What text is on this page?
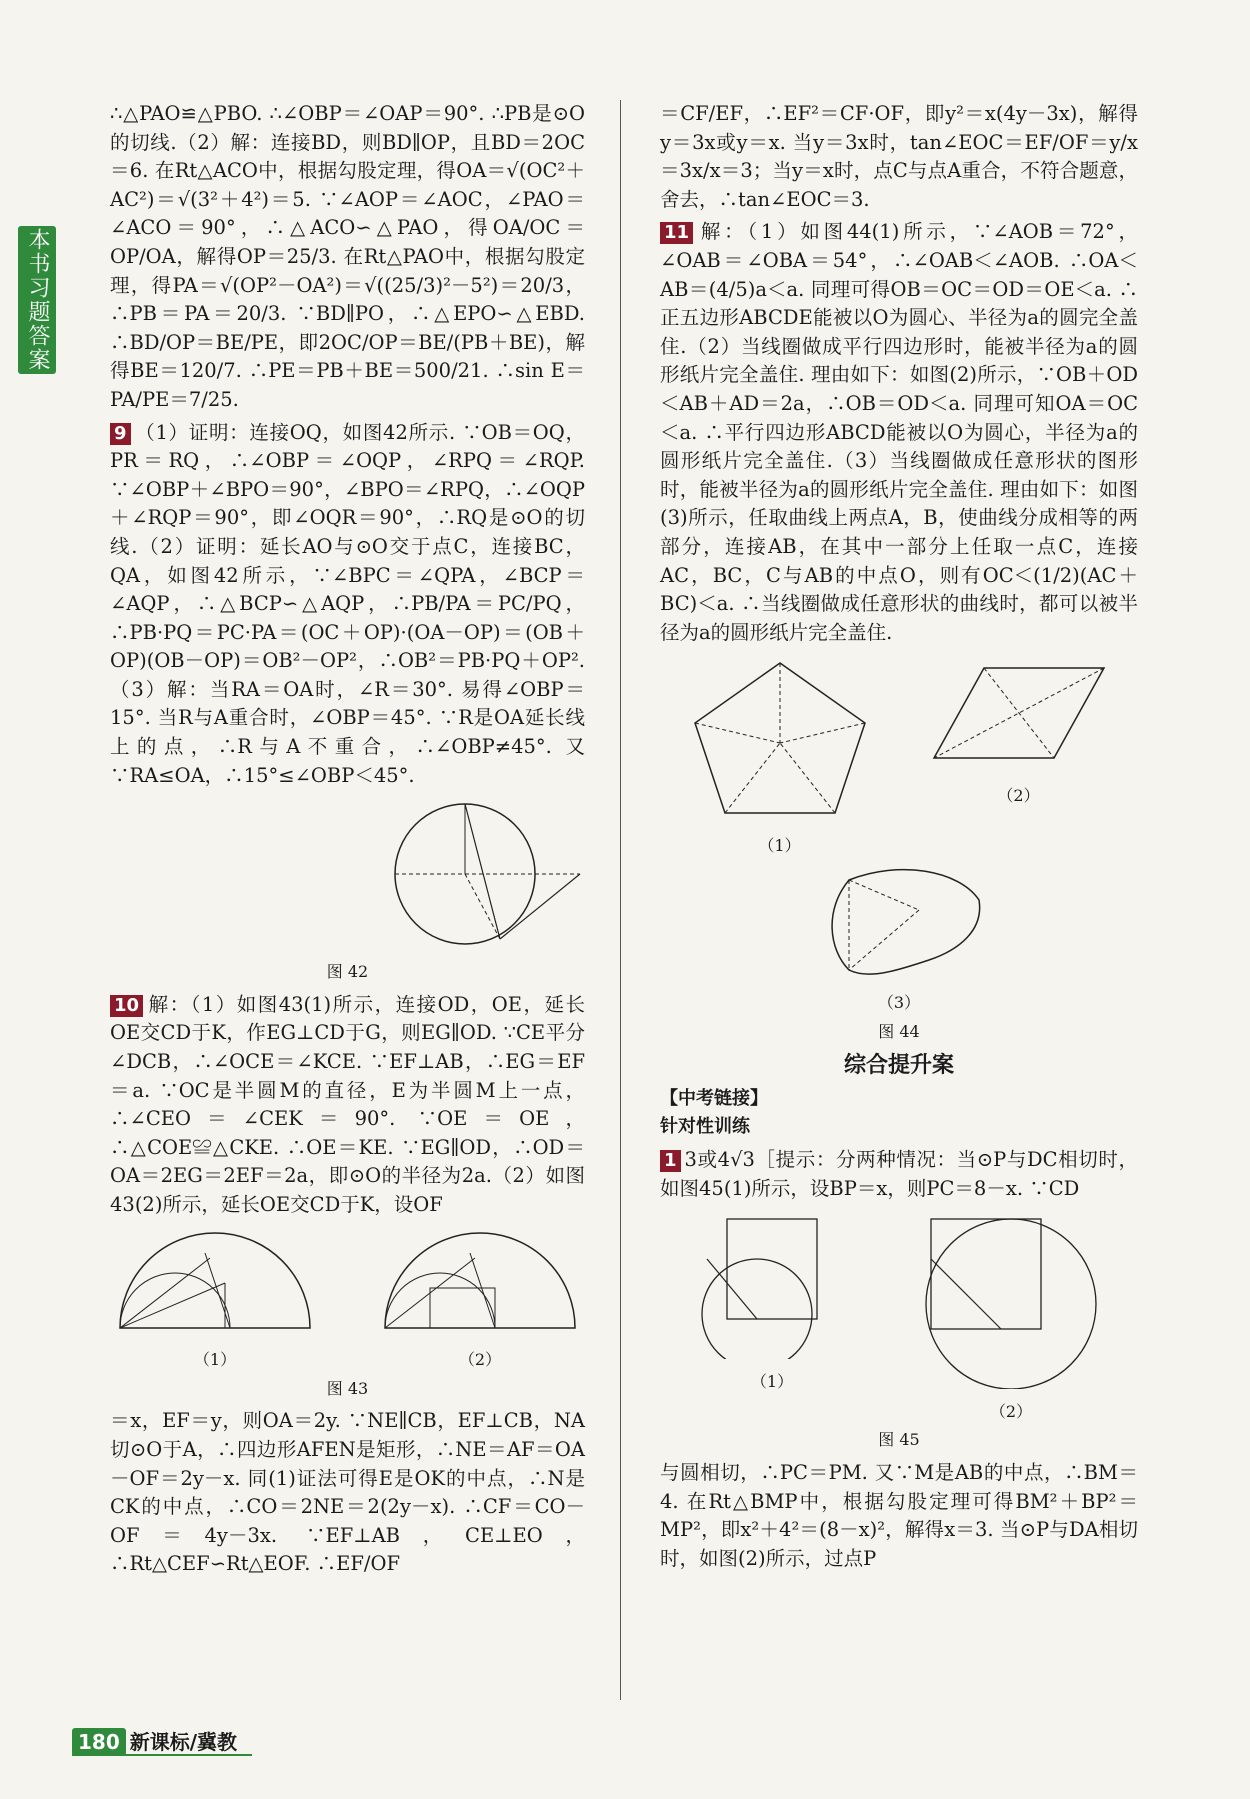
本书习题答案

∴△PAO≌△PBO. ∴∠OBP＝∠OAP＝90°. ∴PB是⊙O的切线.（2）解：连接BD，则BD∥OP，且BD＝2OC＝6. 在Rt△ACO中，根据勾股定理，得OA＝√(OC²＋AC²)＝√(3²＋4²)＝5. ∵∠AOP＝∠AOC，∠PAO＝∠ACO＝90°，∴△ACO∽△PAO，得OA/OC＝OP/OA，解得OP＝25/3. 在Rt△PAO中，根据勾股定理，得PA＝√(OP²－OA²)＝√((25/3)²－5²)＝20/3，∴PB＝PA＝20/3. ∵BD∥PO，∴△EPO∽△EBD. ∴BD/OP＝BE/PE，即2OC/OP＝BE/(PB＋BE)，解得BE＝120/7. ∴PE＝PB＋BE＝500/21. ∴sin E＝PA/PE＝7/25.

9 （1）证明：连接OQ，如图42所示. ∵OB＝OQ，PR＝RQ，∴∠OBP＝∠OQP，∠RPQ＝∠RQP. ∵∠OBP＋∠BPO＝90°，∠BPO＝∠RPQ，∴∠OQP＋∠RQP＝90°，即∠OQR＝90°，∴RQ是⊙O的切线.（2）证明：延长AO与⊙O交于点C，连接BC，QA，如图42所示，∵∠BPC＝∠QPA，∠BCP＝∠AQP，∴△BCP∽△AQP，∴PB/PA＝PC/PQ，∴PB·PQ＝PC·PA＝(OC＋OP)·(OA－OP)＝(OB＋OP)(OB－OP)＝OB²－OP²，∴OB²＝PB·PQ＋OP².（3）解：当RA＝OA时，∠R＝30°. 易得∠OBP＝15°. 当R与A重合时，∠OBP＝45°. ∵R是OA延长线上的点，∴R与A不重合，∴∠OBP≠45°. 又∵RA≤OA，∴15°≤∠OBP＜45°.

图 42

10 解：（1）如图43(1)所示，连接OD，OE，延长OE交CD于K，作EG⊥CD于G，则EG∥OD. ∵CE平分∠DCB，∴∠OCE＝∠KCE. ∵EF⊥AB，∴EG＝EF＝a. ∵OC是半圆M的直径，E为半圆M上一点，∴∠CEO＝∠CEK＝90°. ∵OE＝OE，∴△COE≌△CKE. ∴OE＝KE. ∵EG∥OD，∴OD＝OA＝2EG＝2EF＝2a，即⊙O的半径为2a.（2）如图43(2)所示，延长OE交CD于K，设OF

（1）	（2）
图 43

＝x，EF＝y，则OA＝2y. ∵NE∥CB，EF⊥CB，NA切⊙O于A，∴四边形AFEN是矩形，∴NE＝AF＝OA－OF＝2y－x. 同(1)证法可得E是OK的中点，∴N是CK的中点，∴CO＝2NE＝2(2y－x). ∴CF＝CO－OF＝4y－3x. ∵EF⊥AB，CE⊥EO，∴Rt△CEF∽Rt△EOF. ∴EF/OF

＝CF/EF，∴EF²＝CF·OF，即y²＝x(4y－3x)，解得y＝3x或y＝x. 当y＝3x时，tan∠EOC＝EF/OF＝y/x＝3x/x＝3；当y＝x时，点C与点A重合，不符合题意，舍去，∴tan∠EOC＝3.

11 解：（1）如图44(1)所示，∵∠AOB＝72°，∠OAB＝∠OBA＝54°，∴∠OAB＜∠AOB. ∴OA＜AB＝(4/5)a＜a. 同理可得OB＝OC＝OD＝OE＜a. ∴正五边形ABCDE能被以O为圆心、半径为a的圆完全盖住.（2）当线圈做成平行四边形时，能被半径为a的圆形纸片完全盖住. 理由如下：如图(2)所示，∵OB＋OD＜AB＋AD＝2a，∴OB＝OD＜a. 同理可知OA＝OC＜a. ∴平行四边形ABCD能被以O为圆心，半径为a的圆形纸片完全盖住.（3）当线圈做成任意形状的图形时，能被半径为a的圆形纸片完全盖住. 理由如下：如图(3)所示，任取曲线上两点A，B，使曲线分成相等的两部分，连接AB，在其中一部分上任取一点C，连接AC，BC，C与AB的中点O，则有OC＜(1/2)(AC＋BC)＜a. ∴当线圈做成任意形状的曲线时，都可以被半径为a的圆形纸片完全盖住.

（1）
（2）
（3）
图 44
综合提升案
【中考链接】
针对性训练

1 3或4√3［提示：分两种情况：当⊙P与DC相切时，如图45(1)所示，设BP＝x，则PC＝8－x. ∵CD

（1）
（2）
图 45

与圆相切，∴PC＝PM. 又∵M是AB的中点，∴BM＝4. 在Rt△BMP中，根据勾股定理可得BM²＋BP²＝MP²，即x²＋4²＝(8－x)²，解得x＝3. 当⊙P与DA相切时，如图(2)所示，过点P

180 新课标/冀教
